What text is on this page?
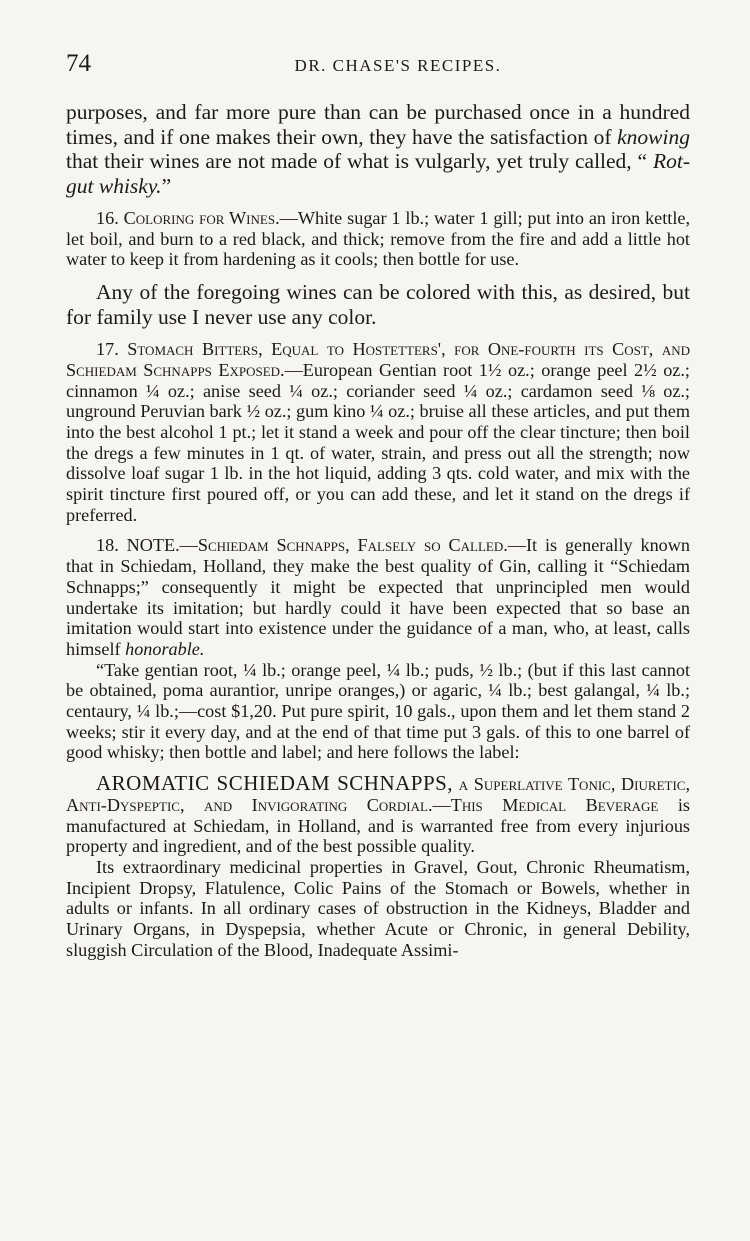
74	DR. CHASE'S RECIPES.

purposes, and far more pure than can be purchased once in a hundred times, and if one makes their own, they have the satisfaction of knowing that their wines are not made of what is vulgarly, yet truly called, “ Rot-gut whisky.”

16. Coloring for Wines.—White sugar 1 lb.; water 1 gill; put into an iron kettle, let boil, and burn to a red black, and thick; remove from the fire and add a little hot water to keep it from hardening as it cools; then bottle for use.

Any of the foregoing wines can be colored with this, as desired, but for family use I never use any color.

17. Stomach Bitters, Equal to Hostetters', for One-fourth its Cost, and Schiedam Schnapps Exposed.—European Gentian root 1½ oz.; orange peel 2½ oz.; cinnamon ¼ oz.; anise seed ¼ oz.; coriander seed ¼ oz.; cardamon seed ⅛ oz.; unground Peruvian bark ½ oz.; gum kino ¼ oz.; bruise all these articles, and put them into the best alcohol 1 pt.; let it stand a week and pour off the clear tincture; then boil the dregs a few minutes in 1 qt. of water, strain, and press out all the strength; now dissolve loaf sugar 1 lb. in the hot liquid, adding 3 qts. cold water, and mix with the spirit tincture first poured off, or you can add these, and let it stand on the dregs if preferred.

18. NOTE.—Schiedam Schnapps, Falsely so Called.—It is generally known that in Schiedam, Holland, they make the best quality of Gin, calling it “Schiedam Schnapps;” consequently it might be expected that unprincipled men would undertake its imitation; but hardly could it have been expected that so base an imitation would start into existence under the guidance of a man, who, at least, calls himself honorable.

“Take gentian root, ¼ lb.; orange peel, ¼ lb.; puds, ½ lb.; (but if this last cannot be obtained, poma aurantior, unripe oranges,) or agaric, ¼ lb.; best galangal, ¼ lb.; centaury, ¼ lb.;—cost $1,20. Put pure spirit, 10 gals., upon them and let them stand 2 weeks; stir it every day, and at the end of that time put 3 gals. of this to one barrel of good whisky; then bottle and label; and here follows the label:

AROMATIC SCHIEDAM SCHNAPPS, a Superlative Tonic, Diuretic, Anti-Dyspeptic, and Invigorating Cordial.—This Medical Beverage is manufactured at Schiedam, in Holland, and is warranted free from every injurious property and ingredient, and of the best possible quality.

Its extraordinary medicinal properties in Gravel, Gout, Chronic Rheumatism, Incipient Dropsy, Flatulence, Colic Pains of the Stomach or Bowels, whether in adults or infants. In all ordinary cases of obstruction in the Kidneys, Bladder and Urinary Organs, in Dyspepsia, whether Acute or Chronic, in general Debility, sluggish Circulation of the Blood, Inadequate Assimi-
